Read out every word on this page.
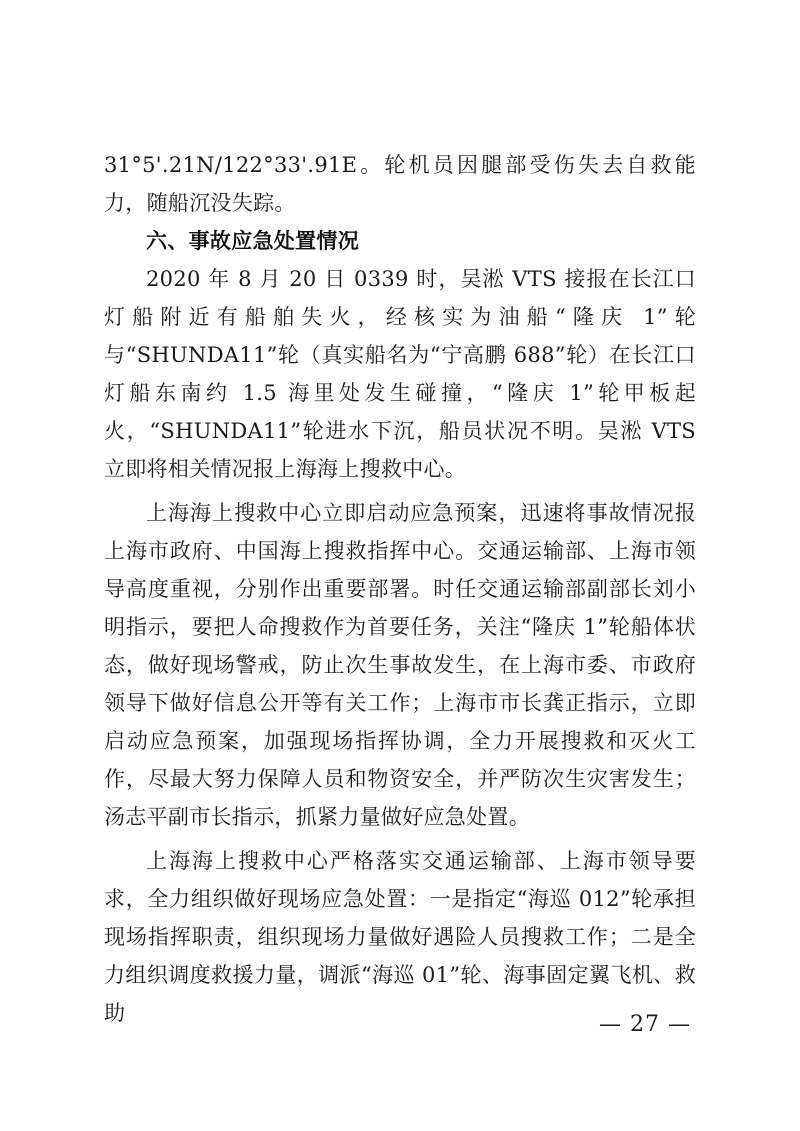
31°5'.21N/122°33'.91E。轮机员因腿部受伤失去自救能力，随船沉没失踪。

六、事故应急处置情况

2020 年 8 月 20 日 0339 时，吴淞 VTS 接报在长江口灯船附近有船舶失火，经核实为油船“隆庆 1”轮与“SHUNDA11”轮（真实船名为“宁高鹏 688”轮）在长江口灯船东南约 1.5 海里处发生碰撞，“隆庆 1”轮甲板起火，“SHUNDA11”轮进水下沉，船员状况不明。吴淞 VTS 立即将相关情况报上海海上搜救中心。

上海海上搜救中心立即启动应急预案，迅速将事故情况报上海市政府、中国海上搜救指挥中心。交通运输部、上海市领导高度重视，分别作出重要部署。时任交通运输部副部长刘小明指示，要把人命搜救作为首要任务，关注“隆庆 1”轮船体状态，做好现场警戒，防止次生事故发生，在上海市委、市政府领导下做好信息公开等有关工作；上海市市长龚正指示，立即启动应急预案，加强现场指挥协调，全力开展搜救和灭火工作，尽最大努力保障人员和物资安全，并严防次生灾害发生；汤志平副市长指示，抓紧力量做好应急处置。

上海海上搜救中心严格落实交通运输部、上海市领导要求，全力组织做好现场应急处置：一是指定“海巡 012”轮承担现场指挥职责，组织现场力量做好遇险人员搜救工作；二是全力组织调度救援力量，调派“海巡 01”轮、海事固定翼飞机、救助	— 27 —
